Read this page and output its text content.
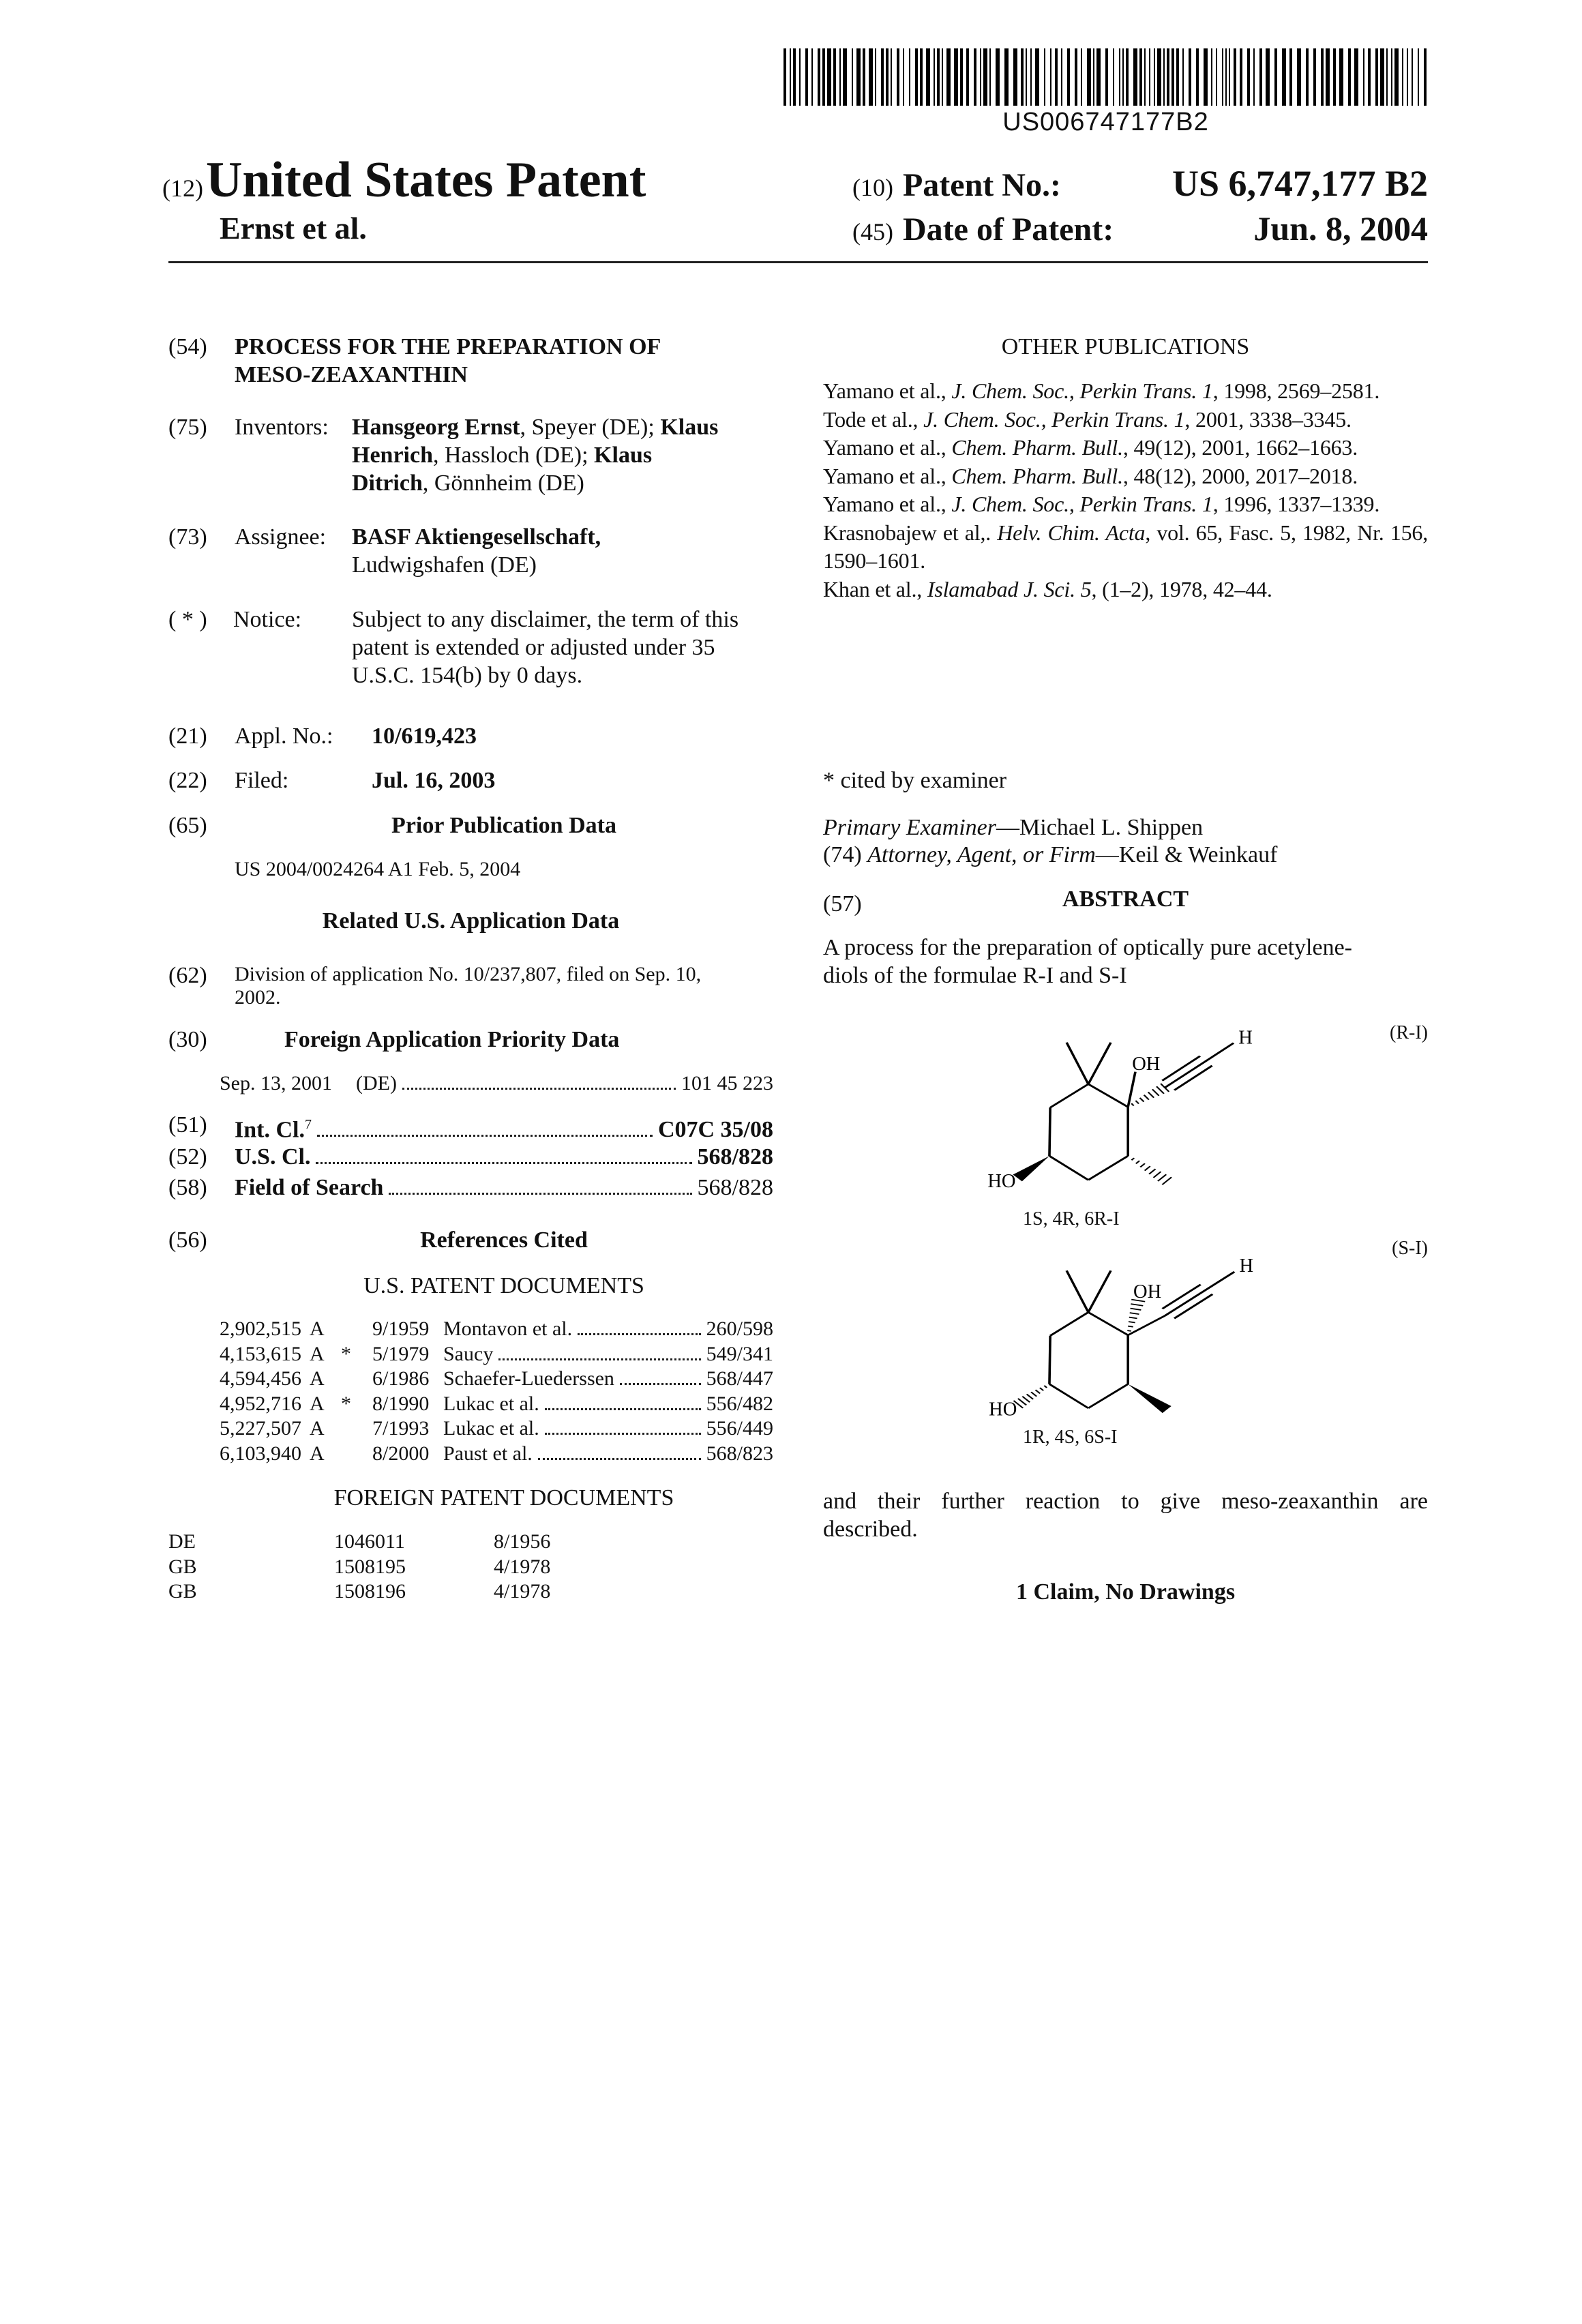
US006747177B2
(12) United States Patent
Ernst et al.
(10) Patent No.:	US 6,747,177 B2
(45) Date of Patent:	Jun. 8, 2004
(54) PROCESS FOR THE PREPARATION OF
MESO-ZEAXANTHIN
(75) Inventors: Hansgeorg Ernst, Speyer (DE); Klaus
Henrich, Hassloch (DE); Klaus
Ditrich, Gönnheim (DE)
(73) Assignee: BASF Aktiengesellschaft,
Ludwigshafen (DE)
( * ) Notice: Subject to any disclaimer, the term of this
patent is extended or adjusted under 35
U.S.C. 154(b) by 0 days.
(21) Appl. No.: 10/619,423
(22) Filed:	Jul. 16, 2003
(65)	Prior Publication Data
US 2004/0024264 A1 Feb. 5, 2004
Related U.S. Application Data
(62) Division of application No. 10/237,807, filed on Sep. 10,
2002.
(30)	Foreign Application Priority Data
Sep. 13, 2001	(DE)	101 45 223
(51) Int. Cl.7	C07C 35/08
(52) U.S. Cl.	568/828
(58) Field of Search	568/828
(56)	References Cited
U.S. PATENT DOCUMENTS
2,902,515 A	9/1959 Montavon et al.	260/598
4,153,615 A *	5/1979 Saucy	549/341
4,594,456 A	6/1986 Schaefer-Luederssen	568/447
4,952,716 A *	8/1990 Lukac et al.	556/482
5,227,507 A	7/1993 Lukac et al.	556/449
6,103,940 A	8/2000 Paust et al.	568/823
FOREIGN PATENT DOCUMENTS
DE	1046011	8/1956
GB	1508195	4/1978
GB	1508196	4/1978
OTHER PUBLICATIONS
Yamano et al., J. Chem. Soc., Perkin Trans. 1, 1998, 2569–2581.
Tode et al., J. Chem. Soc., Perkin Trans. 1, 2001, 3338–3345.
Yamano et al., Chem. Pharm. Bull., 49(12), 2001, 1662–1663.
Yamano et al., Chem. Pharm. Bull., 48(12), 2000, 2017–2018.
Yamano et al., J. Chem. Soc., Perkin Trans. 1, 1996, 1337–1339.
Krasnobajew et al,. Helv. Chim. Acta, vol. 65, Fasc. 5, 1982, Nr. 156, 1590–1601.
Khan et al., Islamabad J. Sci. 5, (1–2), 1978, 42–44.
* cited by examiner
Primary Examiner—Michael L. Shippen
(74) Attorney, Agent, or Firm—Keil & Weinkauf
(57)	ABSTRACT
A process for the preparation of optically pure acetylene-
diols of the formulae R-I and S-I
(R-I)
1S, 4R, 6R-I
(S-I)
1R, 4S, 6S-I
OH
H
HO
OH
H
HO
and their further reaction to give meso-zeaxanthin are
described.
1 Claim, No Drawings
